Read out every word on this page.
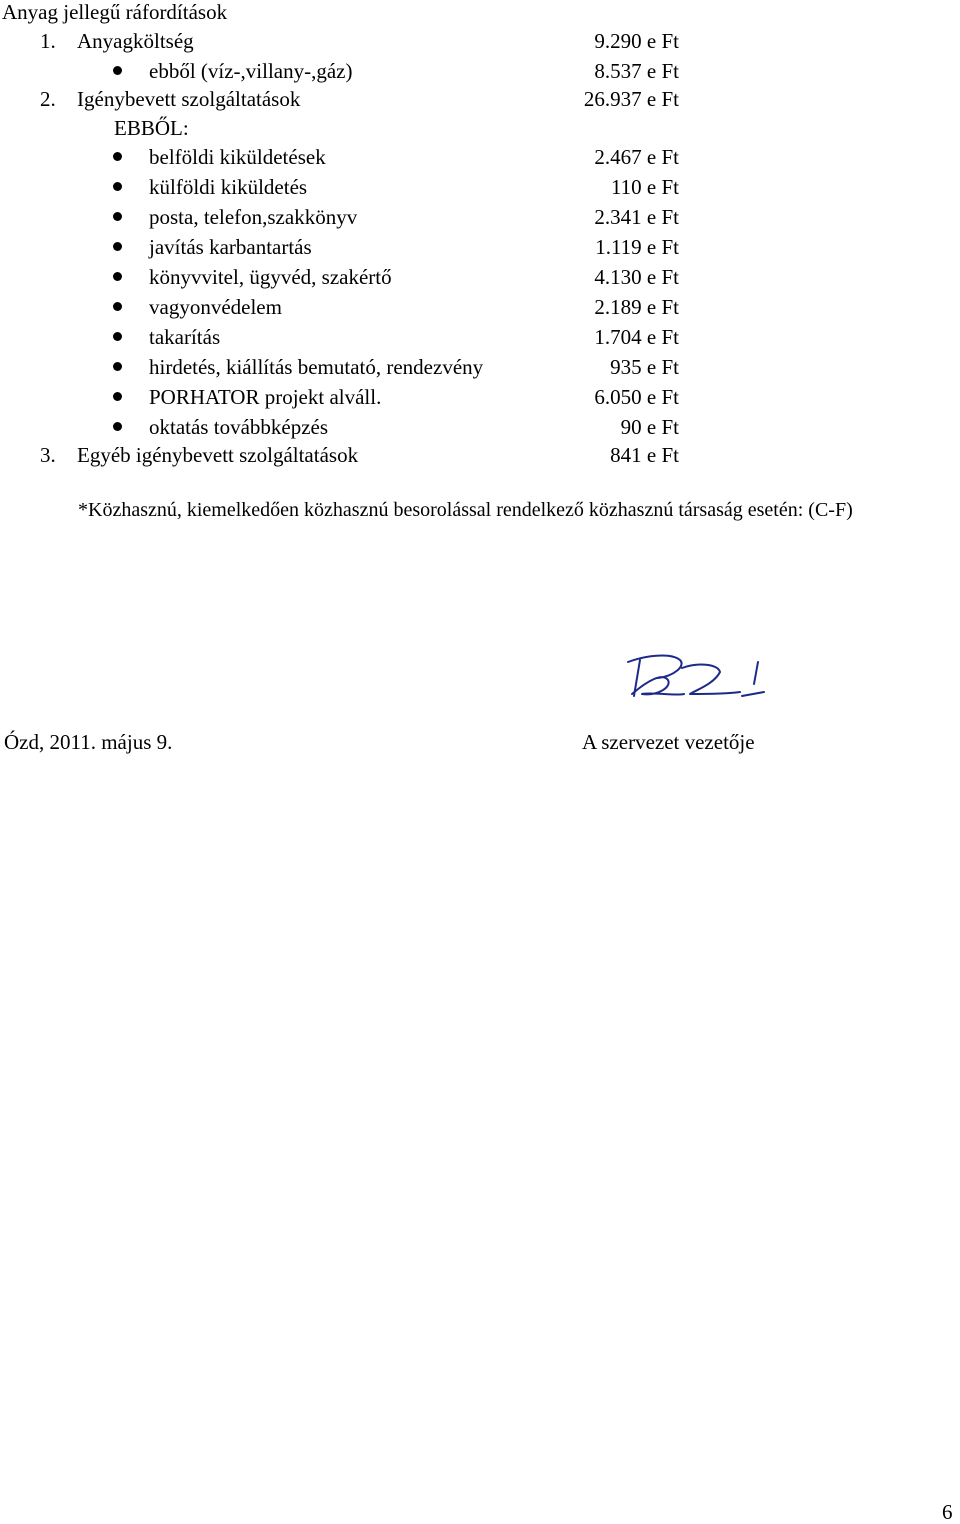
Anyag jellegű ráfordítások
1. Anyagköltség	9.290 e Ft
ebből (víz-,villany-,gáz)	8.537 e Ft
2. Igénybevett szolgáltatások	26.937 e Ft
EBBŐL:
belföldi kiküldetések	2.467 e Ft
külföldi kiküldetés	110 e Ft
posta, telefon,szakkönyv	2.341 e Ft
javítás karbantartás	1.119 e Ft
könyvvitel, ügyvéd, szakértő	4.130 e Ft
vagyonvédelem	2.189 e Ft
takarítás	1.704 e Ft
hirdetés, kiállítás bemutató, rendezvény	935 e Ft
PORHATOR projekt alváll.	6.050 e Ft
oktatás továbbképzés	90 e Ft
3. Egyéb igénybevett szolgáltatások	841 e Ft
*Közhasznú, kiemelkedően közhasznú besorolással rendelkező közhasznú társaság esetén: (C-F)
Ózd, 2011. május 9.	A szervezet vezetője
6
